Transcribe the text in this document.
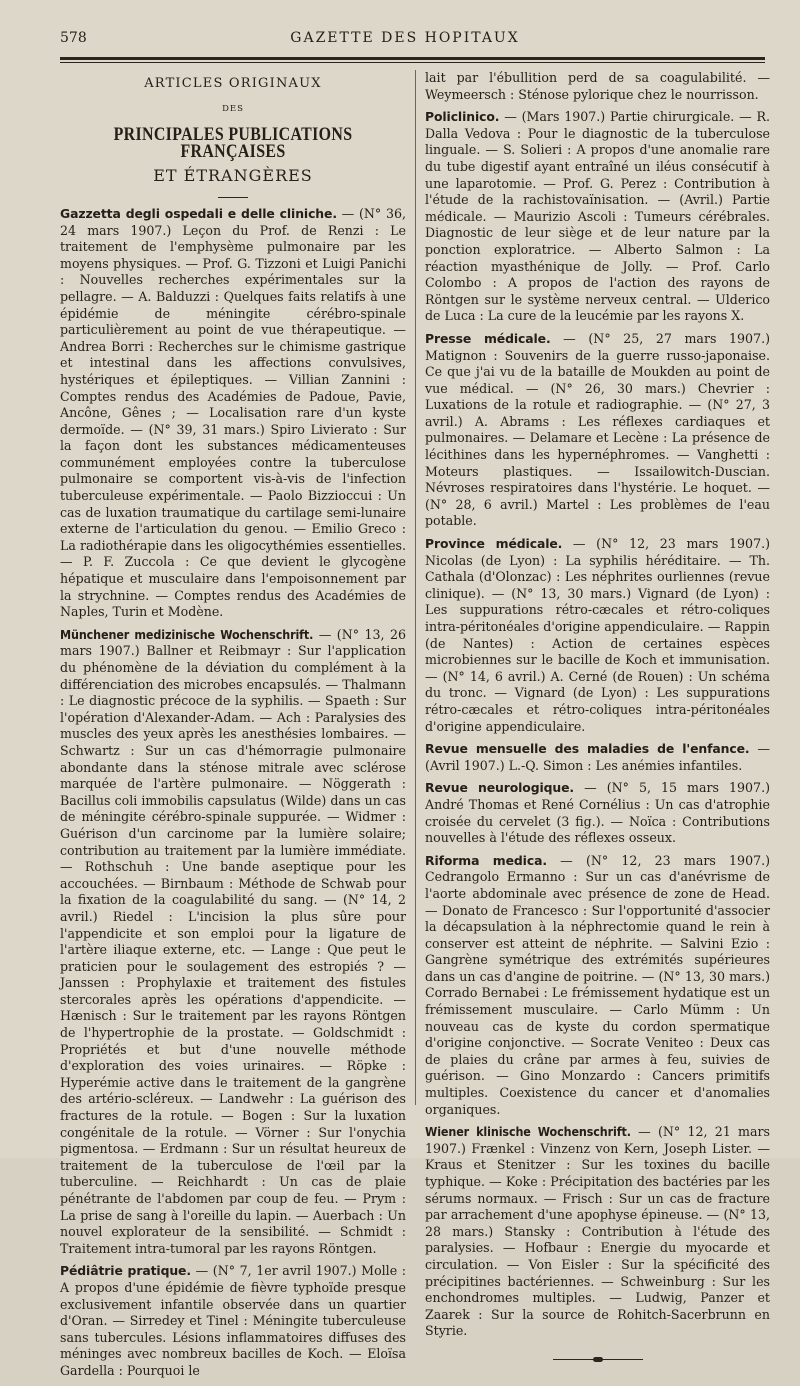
578	GAZETTE DES HOPITAUX
ARTICLES ORIGINAUX
DES
PRINCIPALES PUBLICATIONS FRANÇAISES
ET ÉTRANGÈRES

Gazzetta degli ospedali e delle cliniche. — (N° 36, 24 mars 1907.) Leçon du Prof. de Renzi : Le traitement de l'emphysème pulmonaire par les moyens physiques. — Prof. G. Tizzoni et Luigi Panichi : Nouvelles recherches expérimentales sur la pellagre. — A. Balduzzi : Quelques faits relatifs à une épidémie de méningite cérébro-spinale particulièrement au point de vue thérapeutique. — Andrea Borri : Recherches sur le chimisme gastrique et intestinal dans les affections convulsives, hystériques et épileptiques. — Villian Zannini : Comptes rendus des Académies de Padoue, Pavie, Ancône, Gênes ; — Localisation rare d'un kyste dermoïde. — (N° 39, 31 mars.) Spiro Livierato : Sur la façon dont les substances médicamenteuses communément employées contre la tuberculose pulmonaire se comportent vis-à-vis de l'infection tuberculeuse expérimentale. — Paolo Bizzioccui : Un cas de luxation traumatique du cartilage semi-lunaire externe de l'articulation du genou. — Emilio Greco : La radiothérapie dans les oligocythémies essentielles. — P. F. Zuccola : Ce que devient le glycogène hépatique et musculaire dans l'empoisonnement par la strychnine. — Comptes rendus des Académies de Naples, Turin et Modène.

Münchener medizinische Wochenschrift. — (N° 13, 26 mars 1907.) Ballner et Reibmayr : Sur l'application du phénomène de la déviation du complément à la différenciation des microbes encapsulés. — Thalmann : Le diagnostic précoce de la syphilis. — Spaeth : Sur l'opération d'Alexander-Adam. — Ach : Paralysies des muscles des yeux après les anesthésies lombaires. — Schwartz : Sur un cas d'hémorragie pulmonaire abondante dans la sténose mitrale avec sclérose marquée de l'artère pulmonaire. — Nöggerath : Bacillus coli immobilis capsulatus (Wilde) dans un cas de méningite cérébro-spinale suppurée. — Widmer : Guérison d'un carcinome par la lumière solaire; contribution au traitement par la lumière immédiate. — Rothschuh : Une bande aseptique pour les accouchées. — Birnbaum : Méthode de Schwab pour la fixation de la coagulabilité du sang. — (N° 14, 2 avril.) Riedel : L'incision la plus sûre pour l'appendicite et son emploi pour la ligature de l'artère iliaque externe, etc. — Lange : Que peut le praticien pour le soulagement des estropiés ? — Janssen : Prophylaxie et traitement des fistules stercorales après les opérations d'appendicite. — Hænisch : Sur le traitement par les rayons Röntgen de l'hypertrophie de la prostate. — Goldschmidt : Propriétés et but d'une nouvelle méthode d'exploration des voies urinaires. — Röpke : Hyperémie active dans le traitement de la gangrène des artério-scléreux. — Landwehr : La guérison des fractures de la rotule. — Bogen : Sur la luxation congénitale de la rotule. — Vörner : Sur l'onychia pigmentosa. — Erdmann : Sur un résultat heureux de traitement de la tuberculose de l'œil par la tuberculine. — Reichhardt : Un cas de plaie pénétrante de l'abdomen par coup de feu. — Prym : La prise de sang à l'oreille du lapin. — Auerbach : Un nouvel explorateur de la sensibilité. — Schmidt : Traitement intra-tumoral par les rayons Röntgen.

Pédiâtrie pratique. — (N° 7, 1er avril 1907.) Molle : A propos d'une épidémie de fièvre typhoïde presque exclusivement infantile observée dans un quartier d'Oran. — Sirredey et Tinel : Méningite tuberculeuse sans tubercules. Lésions inflammatoires diffuses des méninges avec nombreux bacilles de Koch. — Eloïsa Gardella : Pourquoi le

lait par l'ébullition perd de sa coagulabilité. — Weymeersch : Sténose pylorique chez le nourrisson.

Policlinico. — (Mars 1907.) Partie chirurgicale. — R. Dalla Vedova : Pour le diagnostic de la tuberculose linguale. — S. Solieri : A propos d'une anomalie rare du tube digestif ayant entraîné un iléus consécutif à une laparotomie. — Prof. G. Perez : Contribution à l'étude de la rachistovaïnisation. — (Avril.) Partie médicale. — Maurizio Ascoli : Tumeurs cérébrales. Diagnostic de leur siège et de leur nature par la ponction exploratrice. — Alberto Salmon : La réaction myasthénique de Jolly. — Prof. Carlo Colombo : A propos de l'action des rayons de Röntgen sur le système nerveux central. — Ulderico de Luca : La cure de la leucémie par les rayons X.

Presse médicale. — (N° 25, 27 mars 1907.) Matignon : Souvenirs de la guerre russo-japonaise. Ce que j'ai vu de la bataille de Moukden au point de vue médical. — (N° 26, 30 mars.) Chevrier : Luxations de la rotule et radiographie. — (N° 27, 3 avril.) A. Abrams : Les réflexes cardiaques et pulmonaires. — Delamare et Lecène : La présence de lécithines dans les hypernéphromes. — Vanghetti : Moteurs plastiques. — Issailowitch-Duscian. Névroses respiratoires dans l'hystérie. Le hoquet. — (N° 28, 6 avril.) Martel : Les problèmes de l'eau potable.

Province médicale. — (N° 12, 23 mars 1907.) Nicolas (de Lyon) : La syphilis héréditaire. — Th. Cathala (d'Olonzac) : Les néphrites ourliennes (revue clinique). — (N° 13, 30 mars.) Vignard (de Lyon) : Les suppurations rétro-cæcales et rétro-coliques intra-péritonéales d'origine appendiculaire. — Rappin (de Nantes) : Action de certaines espèces microbiennes sur le bacille de Koch et immunisation. — (N° 14, 6 avril.) A. Cerné (de Rouen) : Un schéma du tronc. — Vignard (de Lyon) : Les suppurations rétro-cæcales et rétro-coliques intra-péritonéales d'origine appendiculaire.

Revue mensuelle des maladies de l'enfance. — (Avril 1907.) L.-Q. Simon : Les anémies infantiles.

Revue neurologique. — (N° 5, 15 mars 1907.) André Thomas et René Cornélius : Un cas d'atrophie croisée du cervelet (3 fig.). — Noïca : Contributions nouvelles à l'étude des réflexes osseux.

Riforma medica. — (N° 12, 23 mars 1907.) Cedrangolo Ermanno : Sur un cas d'anévrisme de l'aorte abdominale avec présence de zone de Head. — Donato de Francesco : Sur l'opportunité d'associer la décapsulation à la néphrectomie quand le rein à conserver est atteint de néphrite. — Salvini Ezio : Gangrène symétrique des extrémités supérieures dans un cas d'angine de poitrine. — (N° 13, 30 mars.) Corrado Bernabei : Le frémissement hydatique est un frémissement musculaire. — Carlo Mümm : Un nouveau cas de kyste du cordon spermatique d'origine conjonctive. — Socrate Veniteo : Deux cas de plaies du crâne par armes à feu, suivies de guérison. — Gino Monzardo : Cancers primitifs multiples. Coexistence du cancer et d'anomalies organiques.

Wiener klinische Wochenschrift. — (N° 12, 21 mars 1907.) Frænkel : Vinzenz von Kern, Joseph Lister. — Kraus et Stenitzer : Sur les toxines du bacille typhique. — Koke : Précipitation des bactéries par les sérums normaux. — Frisch : Sur un cas de fracture par arrachement d'une apophyse épineuse. — (N° 13, 28 mars.) Stansky : Contribution à l'étude des paralysies. — Hofbaur : Energie du myocarde et circulation. — Von Eisler : Sur la spécificité des précipitines bactériennes. — Schweinburg : Sur les enchondromes multiples. — Ludwig, Panzer et Zaarek : Sur la source de Rohitch-Sacerbrunn en Styrie.
